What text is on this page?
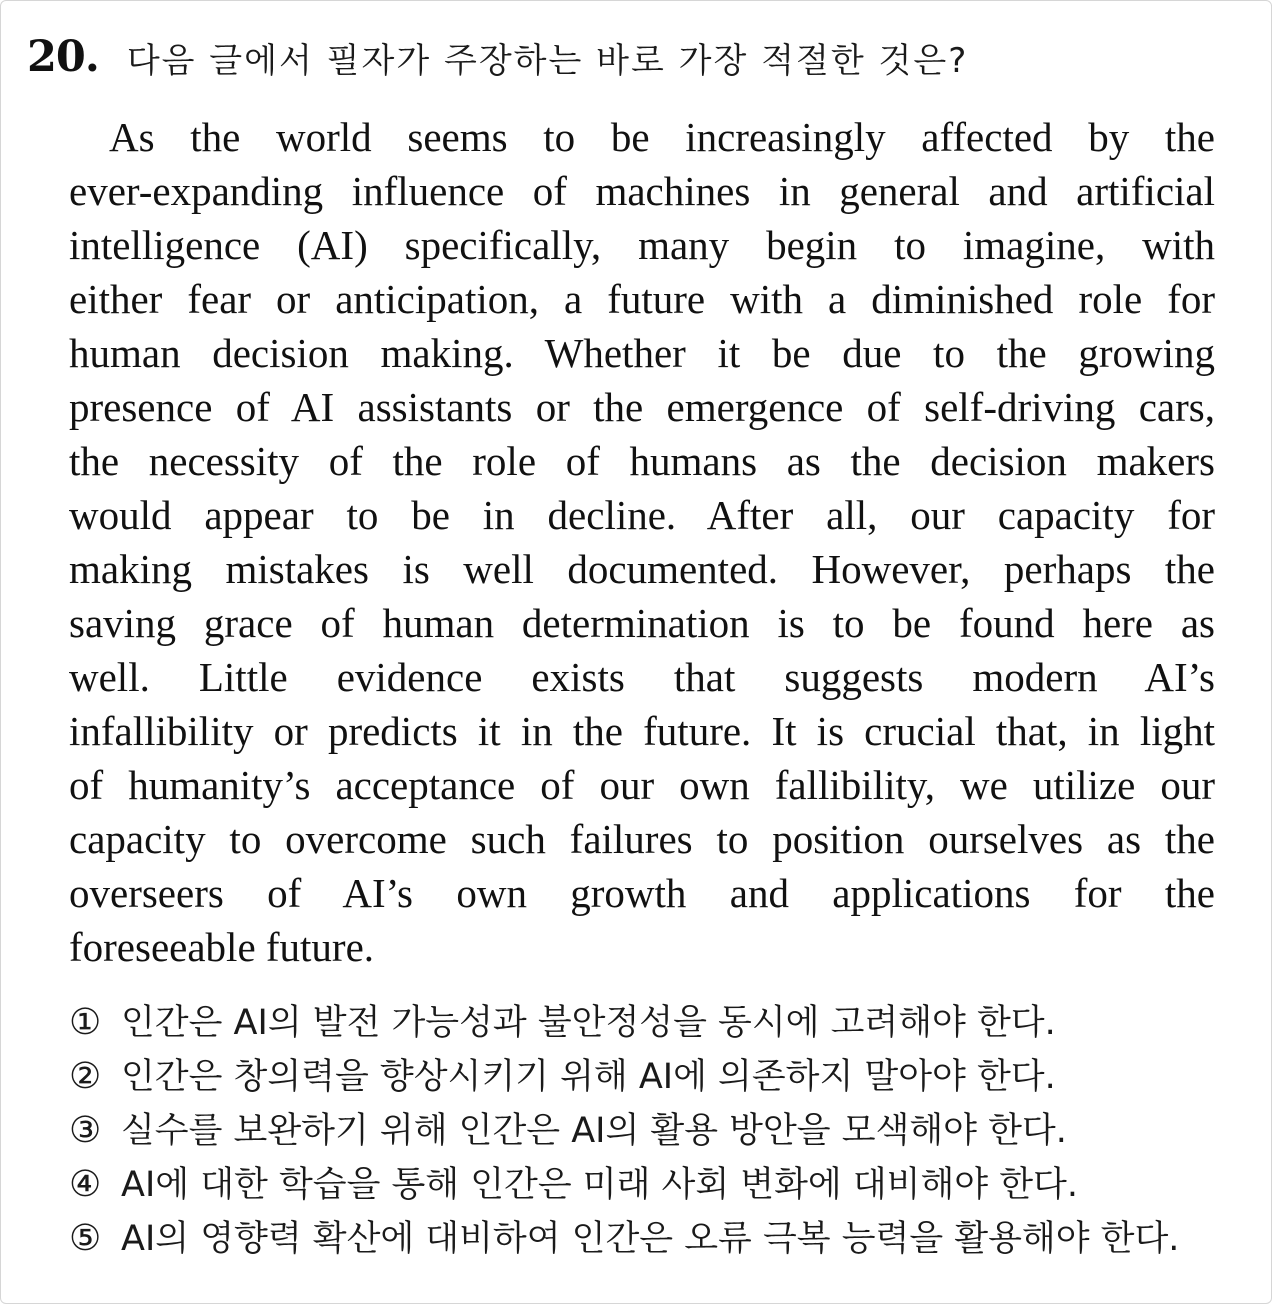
20. 다음 글에서 필자가 주장하는 바로 가장 적절한 것은?
As the world seems to be increasingly affected by the
ever-expanding influence of machines in general and artificial
intelligence (AI) specifically, many begin to imagine, with
either fear or anticipation, a future with a diminished role for
human decision making. Whether it be due to the growing
presence of AI assistants or the emergence of self-driving cars,
the necessity of the role of humans as the decision makers
would appear to be in decline. After all, our capacity for
making mistakes is well documented. However, perhaps the
saving grace of human determination is to be found here as
well. Little evidence exists that suggests modern AI’s
infallibility or predicts it in the future. It is crucial that, in light
of humanity’s acceptance of our own fallibility, we utilize our
capacity to overcome such failures to position ourselves as the
overseers of AI’s own growth and applications for the
foreseeable future.
① 인간은 AI의 발전 가능성과 불안정성을 동시에 고려해야 한다.
② 인간은 창의력을 향상시키기 위해 AI에 의존하지 말아야 한다.
③ 실수를 보완하기 위해 인간은 AI의 활용 방안을 모색해야 한다.
④ AI에 대한 학습을 통해 인간은 미래 사회 변화에 대비해야 한다.
⑤ AI의 영향력 확산에 대비하여 인간은 오류 극복 능력을 활용해야 한다.
